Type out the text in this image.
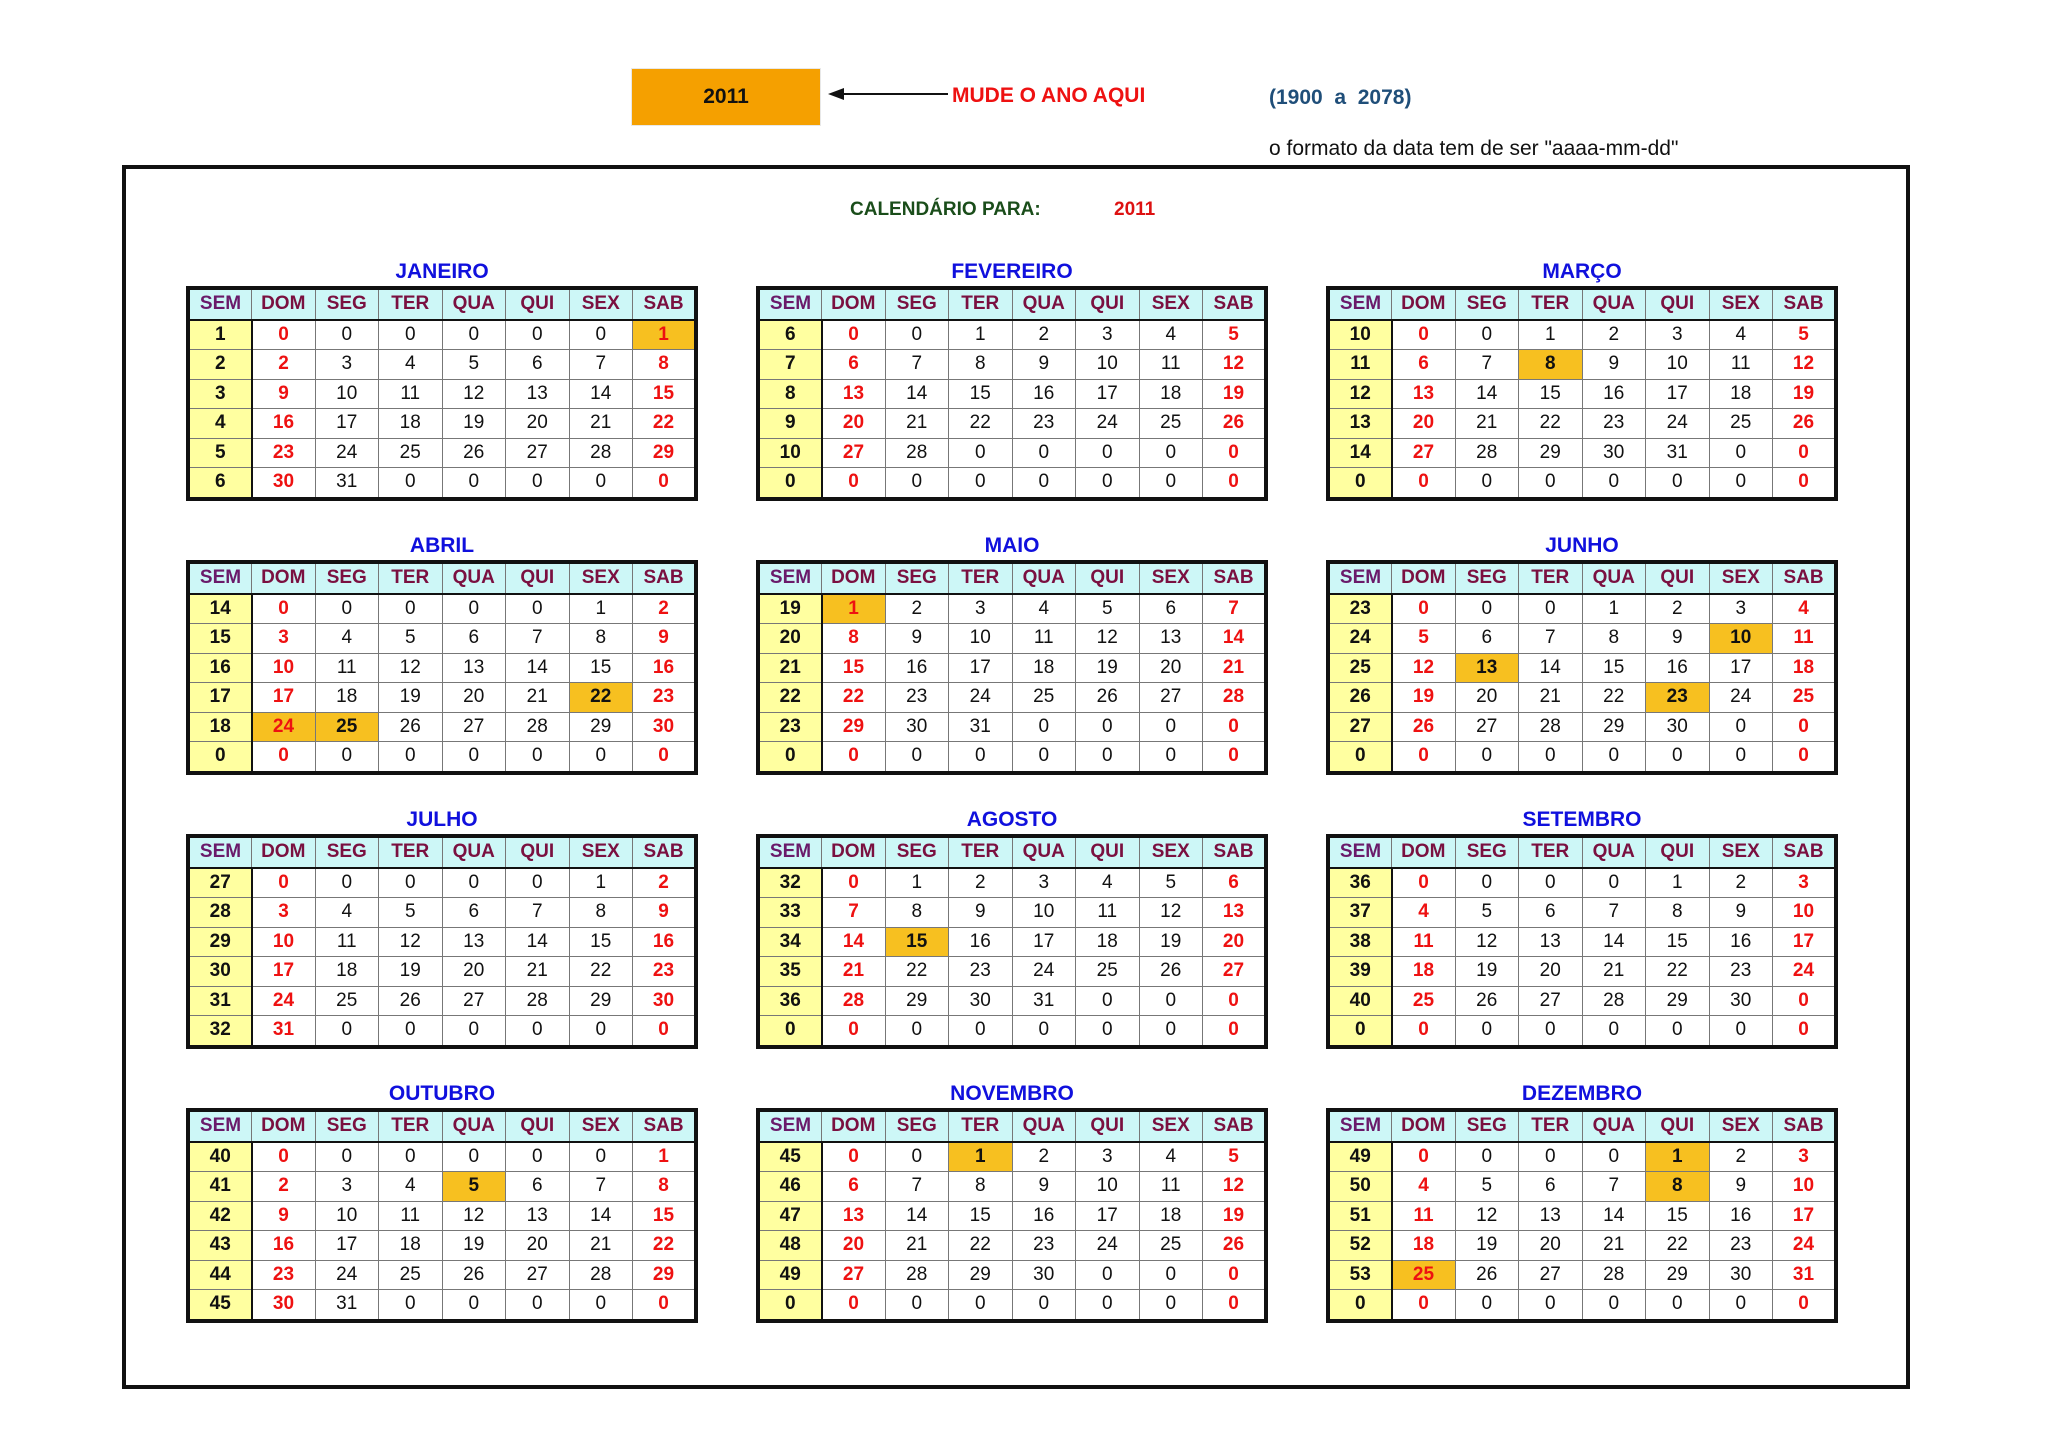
2011	MUDE O ANO AQUI	(1900  a  2078)
o formato da data tem de ser "aaaa-mm-dd"
CALENDÁRIO PARA:	2011
JANEIRO
SEM	DOM	SEG	TER	QUA	QUI	SEX	SAB
1	0	0	0	0	0	0	1
2	2	3	4	5	6	7	8
3	9	10	11	12	13	14	15
4	16	17	18	19	20	21	22
5	23	24	25	26	27	28	29
6	30	31	0	0	0	0	0
FEVEREIRO
SEM	DOM	SEG	TER	QUA	QUI	SEX	SAB
6	0	0	1	2	3	4	5
7	6	7	8	9	10	11	12
8	13	14	15	16	17	18	19
9	20	21	22	23	24	25	26
10	27	28	0	0	0	0	0
0	0	0	0	0	0	0	0
MARÇO
SEM	DOM	SEG	TER	QUA	QUI	SEX	SAB
10	0	0	1	2	3	4	5
11	6	7	8	9	10	11	12
12	13	14	15	16	17	18	19
13	20	21	22	23	24	25	26
14	27	28	29	30	31	0	0
0	0	0	0	0	0	0	0
ABRIL
SEM	DOM	SEG	TER	QUA	QUI	SEX	SAB
14	0	0	0	0	0	1	2
15	3	4	5	6	7	8	9
16	10	11	12	13	14	15	16
17	17	18	19	20	21	22	23
18	24	25	26	27	28	29	30
0	0	0	0	0	0	0	0
MAIO
SEM	DOM	SEG	TER	QUA	QUI	SEX	SAB
19	1	2	3	4	5	6	7
20	8	9	10	11	12	13	14
21	15	16	17	18	19	20	21
22	22	23	24	25	26	27	28
23	29	30	31	0	0	0	0
0	0	0	0	0	0	0	0
JUNHO
SEM	DOM	SEG	TER	QUA	QUI	SEX	SAB
23	0	0	0	1	2	3	4
24	5	6	7	8	9	10	11
25	12	13	14	15	16	17	18
26	19	20	21	22	23	24	25
27	26	27	28	29	30	0	0
0	0	0	0	0	0	0	0
JULHO
SEM	DOM	SEG	TER	QUA	QUI	SEX	SAB
27	0	0	0	0	0	1	2
28	3	4	5	6	7	8	9
29	10	11	12	13	14	15	16
30	17	18	19	20	21	22	23
31	24	25	26	27	28	29	30
32	31	0	0	0	0	0	0
AGOSTO
SEM	DOM	SEG	TER	QUA	QUI	SEX	SAB
32	0	1	2	3	4	5	6
33	7	8	9	10	11	12	13
34	14	15	16	17	18	19	20
35	21	22	23	24	25	26	27
36	28	29	30	31	0	0	0
0	0	0	0	0	0	0	0
SETEMBRO
SEM	DOM	SEG	TER	QUA	QUI	SEX	SAB
36	0	0	0	0	1	2	3
37	4	5	6	7	8	9	10
38	11	12	13	14	15	16	17
39	18	19	20	21	22	23	24
40	25	26	27	28	29	30	0
0	0	0	0	0	0	0	0
OUTUBRO
SEM	DOM	SEG	TER	QUA	QUI	SEX	SAB
40	0	0	0	0	0	0	1
41	2	3	4	5	6	7	8
42	9	10	11	12	13	14	15
43	16	17	18	19	20	21	22
44	23	24	25	26	27	28	29
45	30	31	0	0	0	0	0
NOVEMBRO
SEM	DOM	SEG	TER	QUA	QUI	SEX	SAB
45	0	0	1	2	3	4	5
46	6	7	8	9	10	11	12
47	13	14	15	16	17	18	19
48	20	21	22	23	24	25	26
49	27	28	29	30	0	0	0
0	0	0	0	0	0	0	0
DEZEMBRO
SEM	DOM	SEG	TER	QUA	QUI	SEX	SAB
49	0	0	0	0	1	2	3
50	4	5	6	7	8	9	10
51	11	12	13	14	15	16	17
52	18	19	20	21	22	23	24
53	25	26	27	28	29	30	31
0	0	0	0	0	0	0	0
